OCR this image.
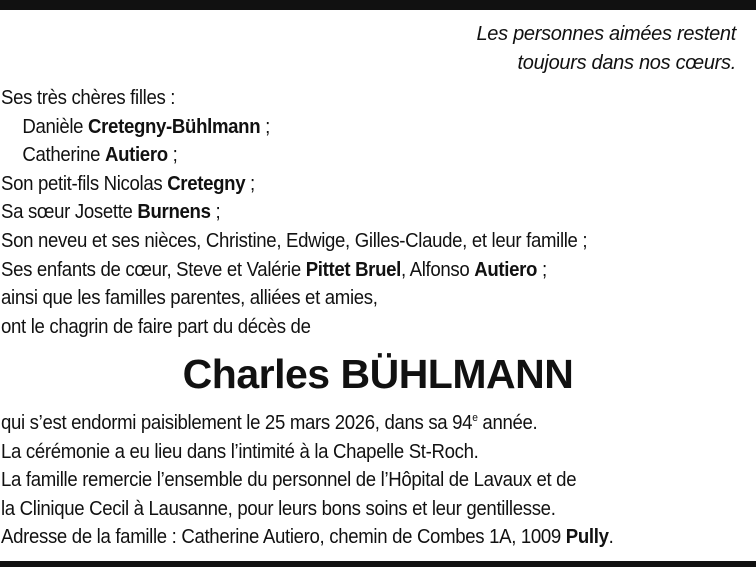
Les personnes aimées restent
toujours dans nos cœurs.
Ses très chères filles :
Danièle Cretegny-Bühlmann ;
Catherine Autiero ;
Son petit-fils Nicolas Cretegny ;
Sa sœur Josette Burnens ;
Son neveu et ses nièces, Christine, Edwige, Gilles-Claude, et leur famille ;
Ses enfants de cœur, Steve et Valérie Pittet Bruel, Alfonso Autiero ;
ainsi que les familles parentes, alliées et amies,
ont le chagrin de faire part du décès de
Charles BÜHLMANN
qui s’est endormi paisiblement le 25 mars 2026, dans sa 94e année.
La cérémonie a eu lieu dans l’intimité à la Chapelle St-Roch.
La famille remercie l’ensemble du personnel de l’Hôpital de Lavaux et de
la Clinique Cecil à Lausanne, pour leurs bons soins et leur gentillesse.
Adresse de la famille : Catherine Autiero, chemin de Combes 1A, 1009 Pully.
